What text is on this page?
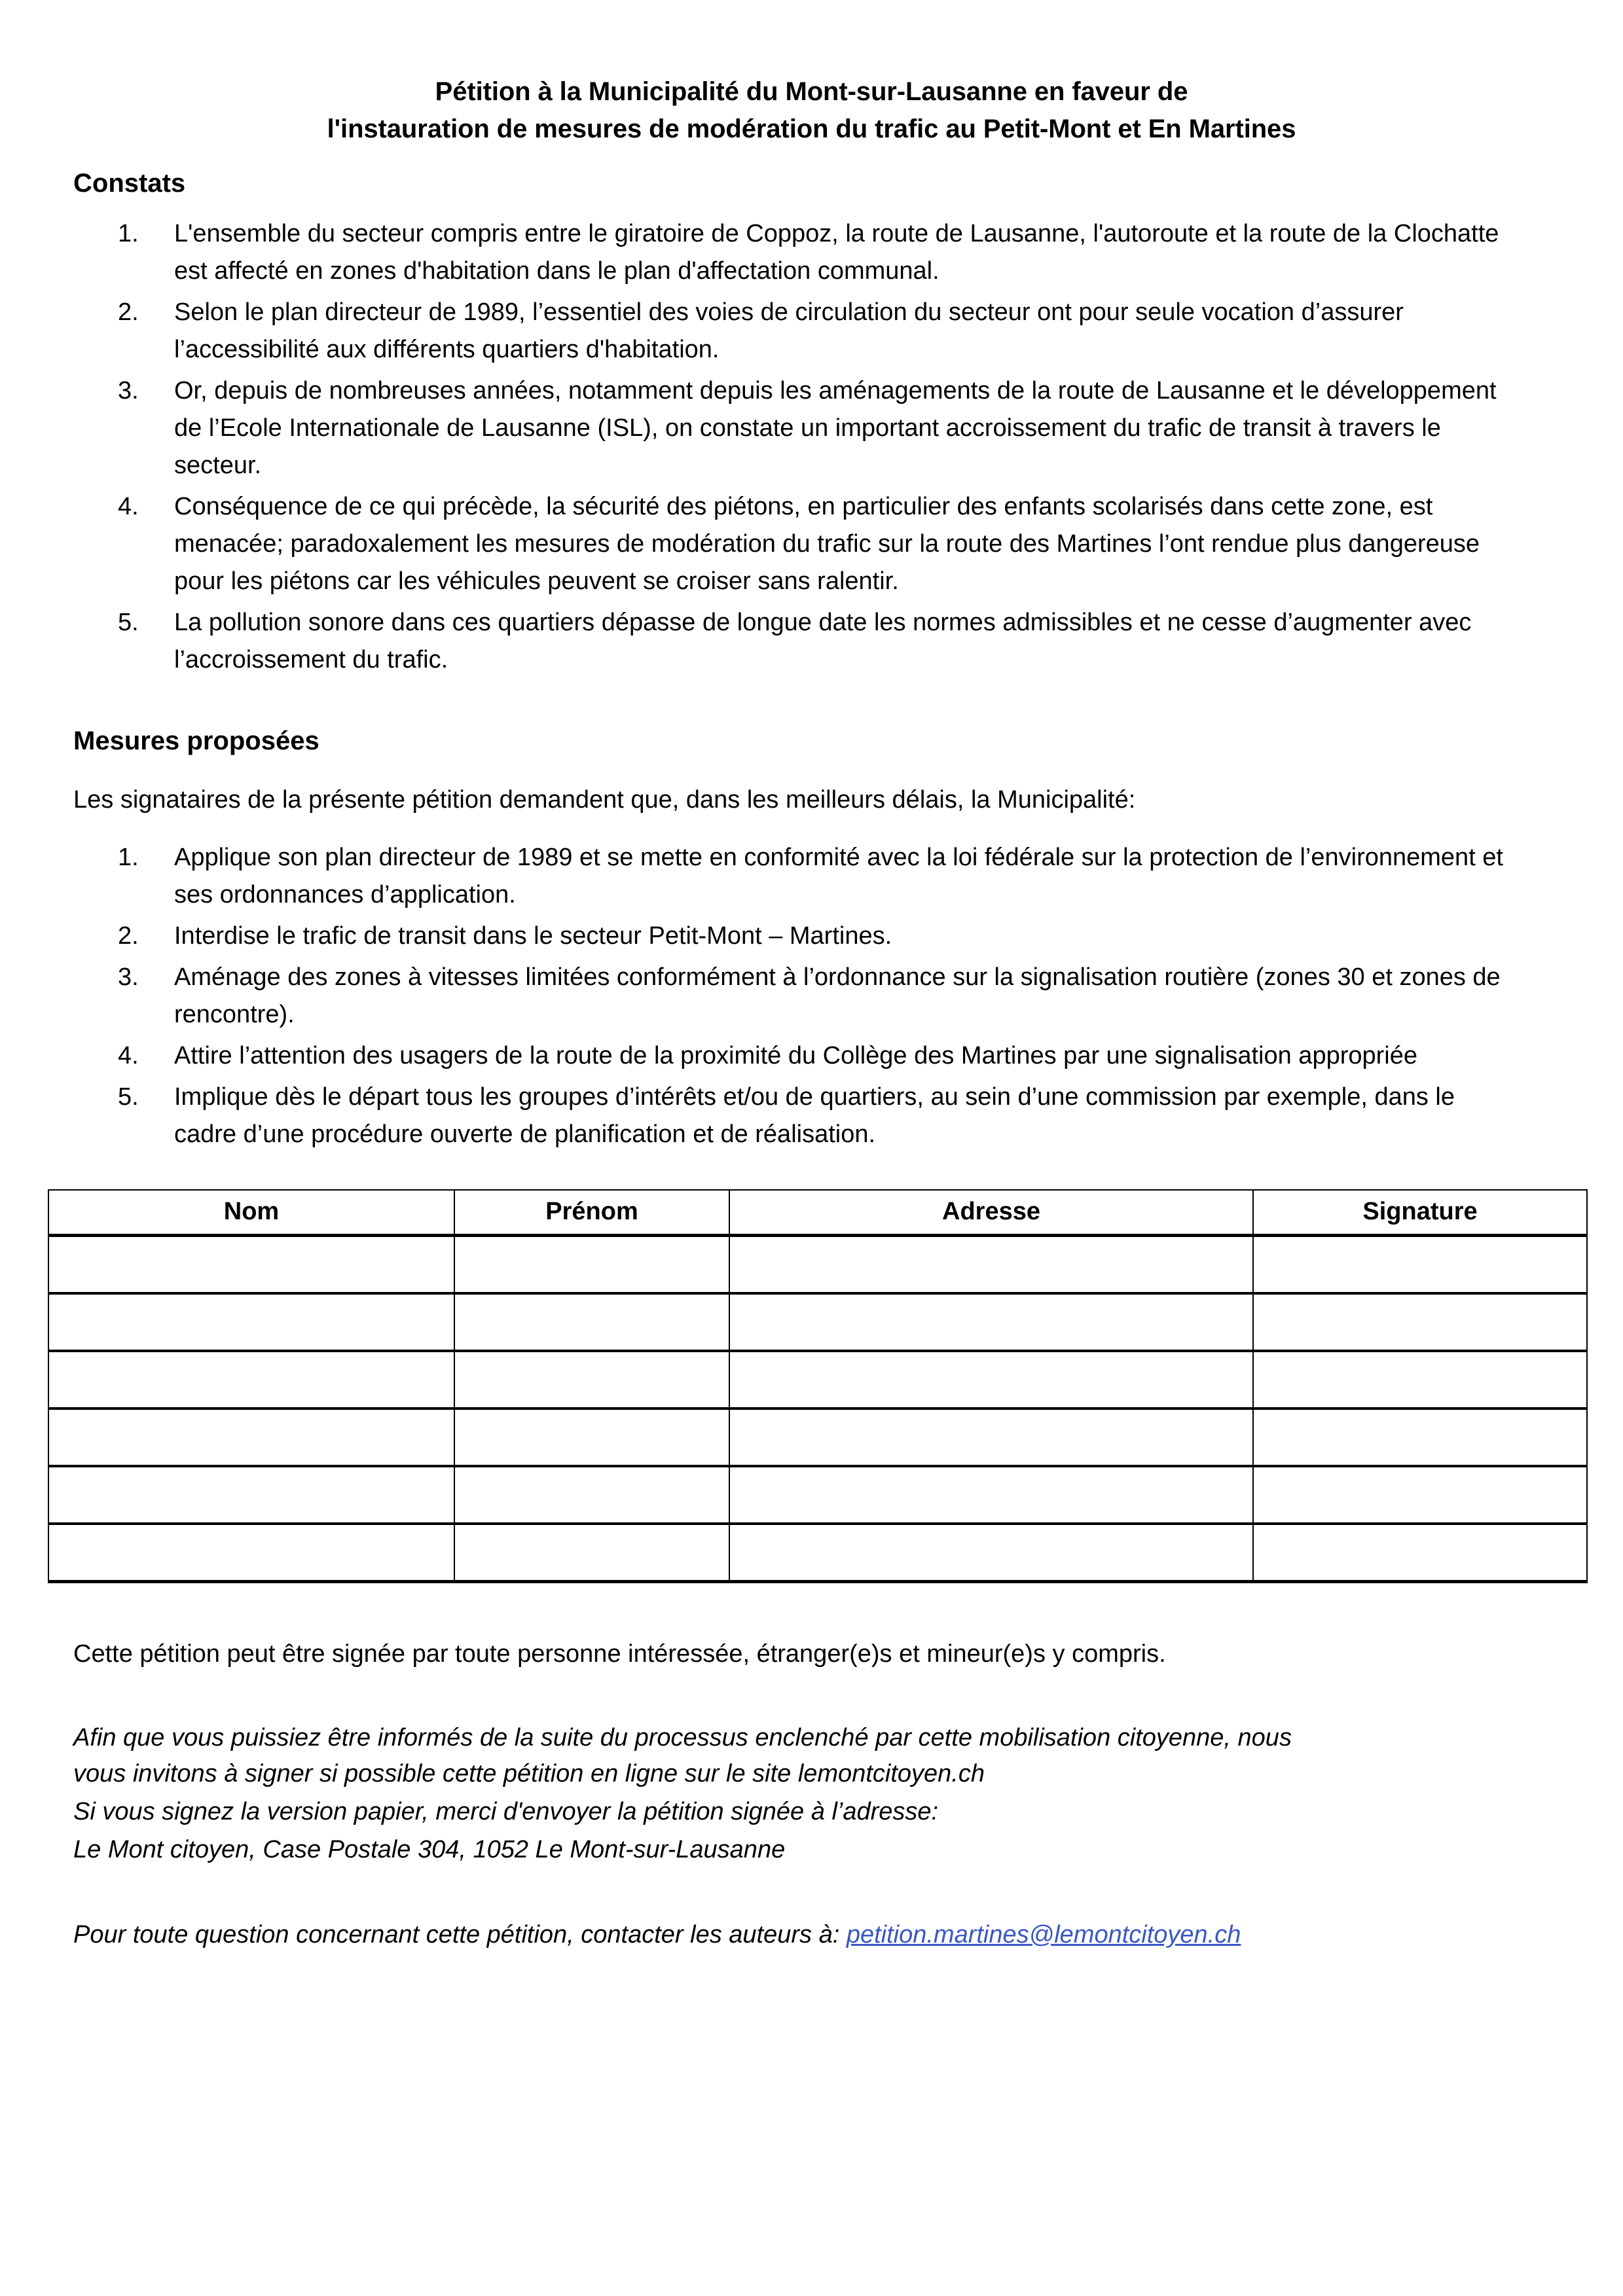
Pétition à la Municipalité du Mont-sur-Lausanne en faveur de
l'instauration de mesures de modération du trafic au Petit-Mont et En Martines
Constats
1.	L'ensemble du secteur compris entre le giratoire de Coppoz, la route de Lausanne, l'autoroute et la route de la Clochatte est affecté en zones d'habitation dans le plan d'affectation communal.
2.	Selon le plan directeur de 1989, l’essentiel des voies de circulation du secteur ont pour seule vocation d’assurer l’accessibilité aux différents quartiers d'habitation.
3.	Or, depuis de nombreuses années, notamment depuis les aménagements de la route de Lausanne et le développement de l’Ecole Internationale de Lausanne (ISL), on constate un important accroissement du trafic de transit à travers le secteur.
4.	Conséquence de ce qui précède, la sécurité des piétons, en particulier des enfants scolarisés dans cette zone, est menacée; paradoxalement les mesures de modération du trafic sur la route des Martines l’ont rendue plus dangereuse pour les piétons car les véhicules peuvent se croiser sans ralentir.
5.	La pollution sonore dans ces quartiers dépasse de longue date les normes admissibles et ne cesse d’augmenter avec l’accroissement du trafic.
Mesures proposées

Les signataires de la présente pétition demandent que, dans les meilleurs délais, la Municipalité:

1.	Applique son plan directeur de 1989 et se mette en conformité avec la loi fédérale sur la protection de l’environnement et ses ordonnances d’application.
2.	Interdise le trafic de transit dans le secteur Petit-Mont – Martines.
3.	Aménage des zones à vitesses limitées conformément à l’ordonnance sur la signalisation routière (zones 30 et zones de rencontre).
4.	Attire l’attention des usagers de la route de la proximité du Collège des Martines par une signalisation appropriée
5.	Implique dès le départ tous les groupes d’intérêts et/ou de quartiers, au sein d’une commission par exemple, dans le cadre d’une procédure ouverte de planification et de réalisation.
Nom	Prénom	Adresse	Signature

Cette pétition peut être signée par toute personne intéressée, étranger(e)s et mineur(e)s y compris.

Afin que vous puissiez être informés de la suite du processus enclenché par cette mobilisation citoyenne, nous

vous invitons à signer si possible cette pétition en ligne sur le site lemontcitoyen.ch

Si vous signez la version papier, merci d'envoyer la pétition signée à l’adresse:

Le Mont citoyen, Case Postale 304, 1052 Le Mont-sur-Lausanne

Pour toute question concernant cette pétition, contacter les auteurs à: petition.martines@lemontcitoyen.ch
